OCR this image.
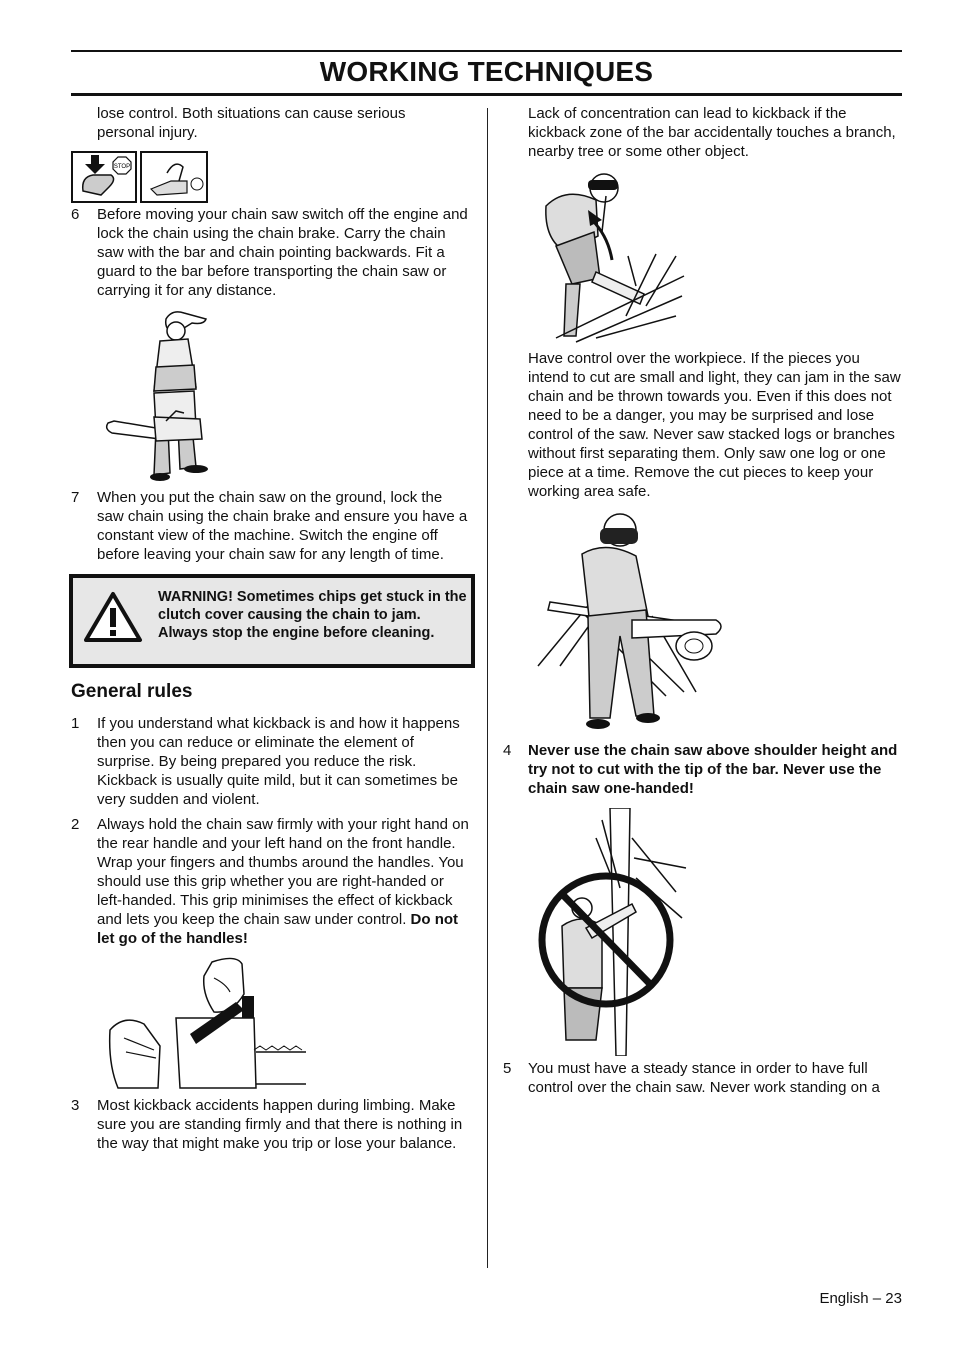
WORKING TECHNIQUES
lose control. Both situations can cause serious personal injury.
STOP
6 Before moving your chain saw switch off the engine and lock the chain using the chain brake. Carry the chain saw with the bar and chain pointing backwards. Fit a guard to the bar before transporting the chain saw or carrying it for any distance.
7 When you put the chain saw on the ground, lock the saw chain using the chain brake and ensure you have a constant view of the machine. Switch the engine off before leaving your chain saw for any length of time.
WARNING! Sometimes chips get stuck in the clutch cover causing the chain to jam. Always stop the engine before cleaning.
General rules
1 If you understand what kickback is and how it happens then you can reduce or eliminate the element of surprise. By being prepared you reduce the risk. Kickback is usually quite mild, but it can sometimes be very sudden and violent.
2 Always hold the chain saw firmly with your right hand on the rear handle and your left hand on the front handle. Wrap your fingers and thumbs around the handles. You should use this grip whether you are right-handed or left-handed. This grip minimises the effect of kickback and lets you keep the chain saw under control. Do not let go of the handles!
3 Most kickback accidents happen during limbing. Make sure you are standing firmly and that there is nothing in the way that might make you trip or lose your balance.
Lack of concentration can lead to kickback if the kickback zone of the bar accidentally touches a branch, nearby tree or some other object.
Have control over the workpiece. If the pieces you intend to cut are small and light, they can jam in the saw chain and be thrown towards you. Even if this does not need to be a danger, you may be surprised and lose control of the saw. Never saw stacked logs or branches without first separating them. Only saw one log or one piece at a time. Remove the cut pieces to keep your working area safe.
4 Never use the chain saw above shoulder height and try not to cut with the tip of the bar. Never use the chain saw one-handed!
5 You must have a steady stance in order to have full control over the chain saw. Never work standing on a
English – 23
